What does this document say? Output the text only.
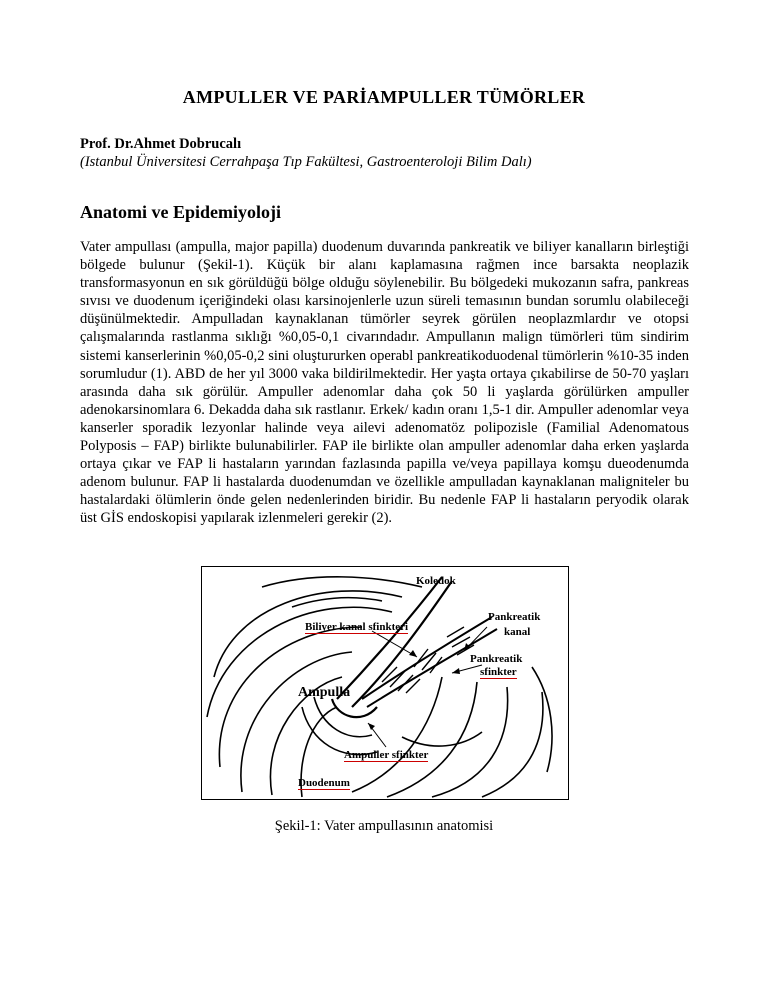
AMPULLER VE PARİAMPULLER TÜMÖRLER
Prof. Dr.Ahmet Dobrucalı
(Istanbul Üniversitesi Cerrahpaşa Tıp Fakültesi, Gastroenteroloji Bilim Dalı)
Anatomi ve Epidemiyoloji
Vater ampullası (ampulla, major papilla) duodenum duvarında pankreatik ve biliyer kanalların birleştiği bölgede bulunur (Şekil-1). Küçük bir alanı kaplamasına rağmen ince barsakta neoplazik transformasyonun en sık görüldüğü bölge olduğu söylenebilir. Bu bölgedeki mukozanın safra, pankreas sıvısı ve duodenum içeriğindeki olası karsinojenlerle uzun süreli temasının bundan sorumlu olabileceği düşünülmektedir. Ampulladan kaynaklanan tümörler seyrek görülen neoplazmlardır ve otopsi çalışmalarında rastlanma sıklığı %0,05-0,1 civarındadır. Ampullanın malign tümörleri tüm sindirim sistemi kanserlerinin %0,05-0,2 sini oluştururken operabl pankreatikoduodenal tümörlerin %10-35 inden sorumludur (1). ABD de her yıl 3000 vaka bildirilmektedir. Her yaşta ortaya çıkabilirse de 50-70 yaşları arasında daha sık görülür. Ampuller adenomlar daha çok 50 li yaşlarda görülürken ampuller adenokarsinomlara 6. Dekadda daha sık rastlanır. Erkek/ kadın oranı 1,5-1 dir. Ampuller adenomlar veya kanserler sporadik lezyonlar halinde veya ailevi adenomatöz polipozisle (Familial Adenomatous Polyposis – FAP) birlikte bulunabilirler. FAP ile birlikte olan ampuller adenomlar daha erken yaşlarda ortaya çıkar ve FAP li hastaların yarından fazlasında papilla ve/veya papillaya komşu dueodenumda adenom bulunur. FAP li hastalarda duodenumdan ve özellikle ampulladan kaynaklanan maligniteler bu hastalardaki ölümlerin önde gelen nedenlerinden biridir. Bu nedenle FAP li hastaların peryodik olarak üst GİS endoskopisi yapılarak izlenmeleri gerekir (2).
Koledok
Pankreatik
kanal
Biliyer kanal sfinkteri
Pankreatik
sfinkter
Ampulla
Ampuller sfinkter
Duodenum
Şekil-1: Vater ampullasının anatomisi
